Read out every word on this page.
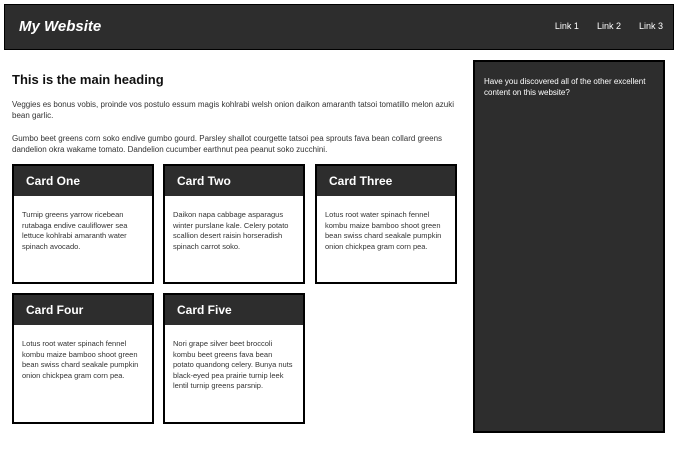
My Website	Link 1 Link 2 Link 3
This is the main heading

Veggies es bonus vobis, proinde vos postulo essum magis kohlrabi welsh onion daikon amaranth tatsoi tomatillo melon azuki bean garlic.

Gumbo beet greens corn soko endive gumbo gourd. Parsley shallot courgette tatsoi pea sprouts fava bean collard greens dandelion okra wakame tomato. Dandelion cucumber earthnut pea peanut soko zucchini.

Card One
Turnip greens yarrow ricebean rutabaga endive cauliflower sea lettuce kohlrabi amaranth water spinach avocado.
Card Two
Daikon napa cabbage asparagus winter purslane kale. Celery potato scallion desert raisin horseradish spinach carrot soko.
Card Three
Lotus root water spinach fennel kombu maize bamboo shoot green bean swiss chard seakale pumpkin onion chickpea gram corn pea.
Card Four
Lotus root water spinach fennel kombu maize bamboo shoot green bean swiss chard seakale pumpkin onion chickpea gram corn pea.
Card Five
Nori grape silver beet broccoli kombu beet greens fava bean potato quandong celery. Bunya nuts black-eyed pea prairie turnip leek lentil turnip greens parsnip.

Have you discovered all of the other excellent content on this website?
